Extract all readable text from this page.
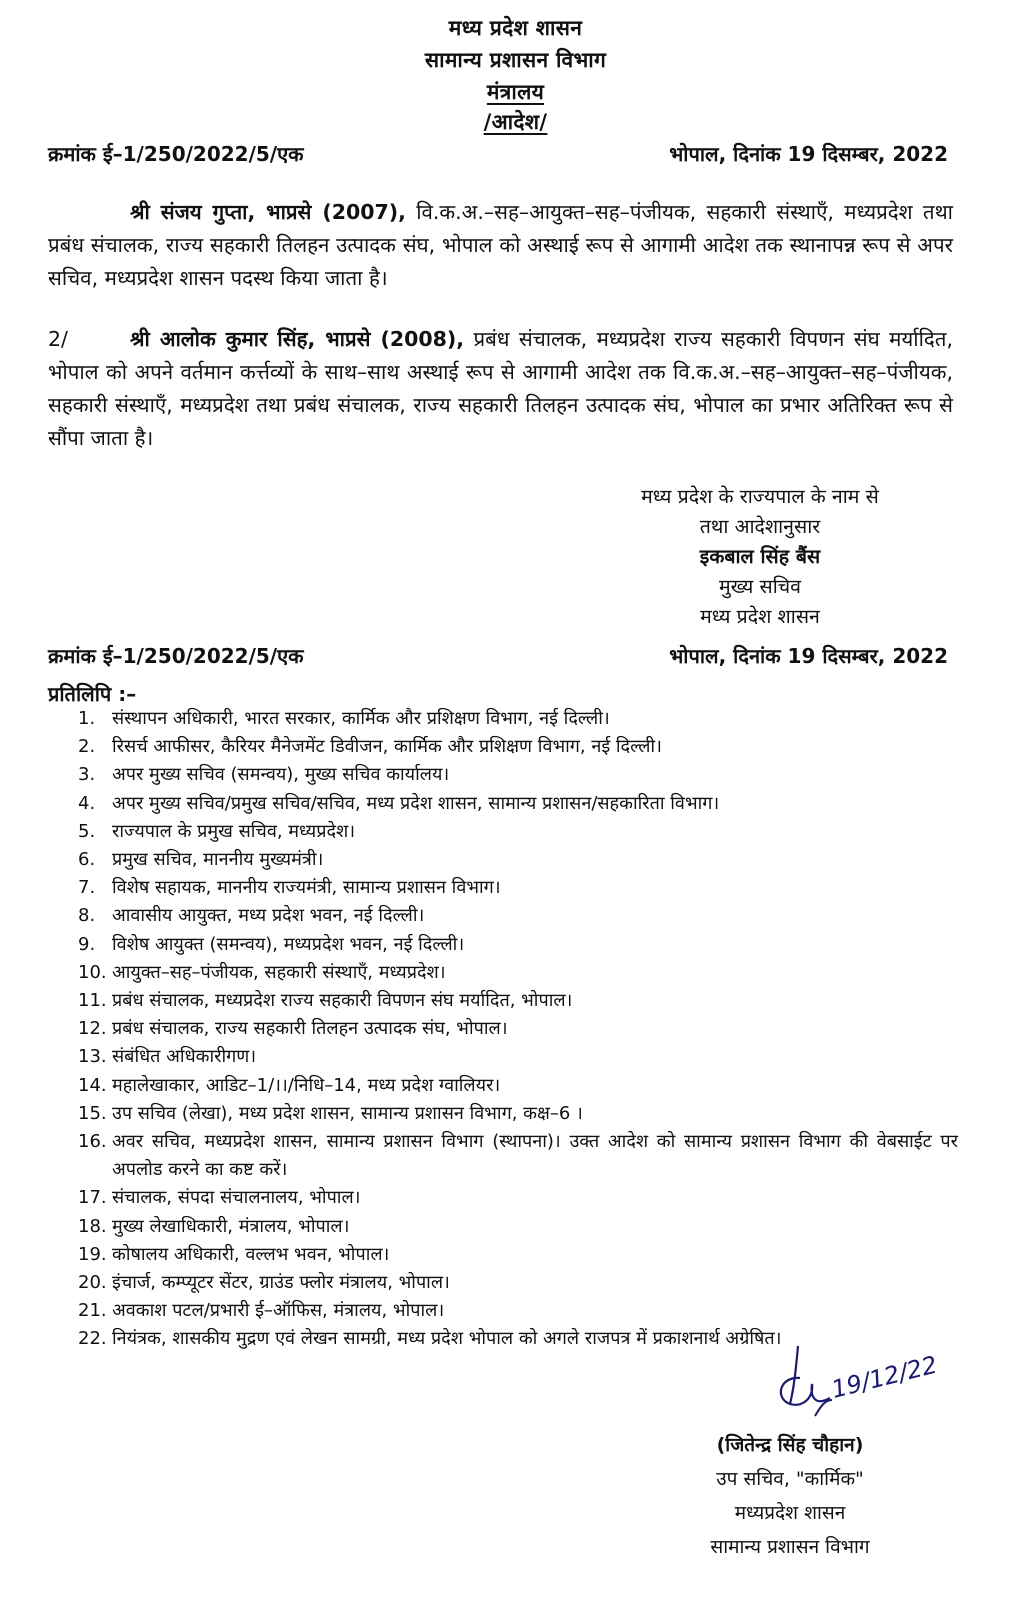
मध्य प्रदेश शासन
सामान्य प्रशासन विभाग
मंत्रालय
/आदेश/
क्रमांक ई–1/250/2022/5/एक	भोपाल, दिनांक 19 दिसम्बर, 2022
श्री संजय गुप्ता, भाप्रसे (2007), वि.क.अ.–सह–आयुक्त–सह–पंजीयक, सहकारी संस्थाएँ, मध्यप्रदेश तथा प्रबंध संचालक, राज्य सहकारी तिलहन उत्पादक संघ, भोपाल को अस्थाई रूप से आगामी आदेश तक स्थानापन्न रूप से अपर सचिव, मध्यप्रदेश शासन पदस्थ किया जाता है।
2/	श्री आलोक कुमार सिंह, भाप्रसे (2008), प्रबंध संचालक, मध्यप्रदेश राज्य सहकारी विपणन संघ मर्यादित, भोपाल को अपने वर्तमान कर्त्तव्यों के साथ–साथ अस्थाई रूप से आगामी आदेश तक वि.क.अ.–सह–आयुक्त–सह–पंजीयक, सहकारी संस्थाएँ, मध्यप्रदेश तथा प्रबंध संचालक, राज्य सहकारी तिलहन उत्पादक संघ, भोपाल का प्रभार अतिरिक्त रूप से सौंपा जाता है।
मध्य प्रदेश के राज्यपाल के नाम से
तथा आदेशानुसार
इकबाल सिंह बैंस
मुख्य सचिव
मध्य प्रदेश शासन
क्रमांक ई–1/250/2022/5/एक	भोपाल, दिनांक 19 दिसम्बर, 2022
प्रतिलिपि :–
1. संस्थापन अधिकारी, भारत सरकार, कार्मिक और प्रशिक्षण विभाग, नई दिल्ली।
2. रिसर्च आफीसर, कैरियर मैनेजमेंट डिवीजन, कार्मिक और प्रशिक्षण विभाग, नई दिल्ली।
3. अपर मुख्य सचिव (समन्वय), मुख्य सचिव कार्यालय।
4. अपर मुख्य सचिव/प्रमुख सचिव/सचिव, मध्य प्रदेश शासन, सामान्य प्रशासन/सहकारिता विभाग।
5. राज्यपाल के प्रमुख सचिव, मध्यप्रदेश।
6. प्रमुख सचिव, माननीय मुख्यमंत्री।
7. विशेष सहायक, माननीय राज्यमंत्री, सामान्य प्रशासन विभाग।
8. आवासीय आयुक्त, मध्य प्रदेश भवन, नई दिल्ली।
9. विशेष आयुक्त (समन्वय), मध्यप्रदेश भवन, नई दिल्ली।
10. आयुक्त–सह–पंजीयक, सहकारी संस्थाएँ, मध्यप्रदेश।
11. प्रबंध संचालक, मध्यप्रदेश राज्य सहकारी विपणन संघ मर्यादित, भोपाल।
12. प्रबंध संचालक, राज्य सहकारी तिलहन उत्पादक संघ, भोपाल।
13. संबंधित अधिकारीगण।
14. महालेखाकार, आडिट–1/।।/निधि–14, मध्य प्रदेश ग्वालियर।
15. उप सचिव (लेखा), मध्य प्रदेश शासन, सामान्य प्रशासन विभाग, कक्ष–6 ।
16. अवर सचिव, मध्यप्रदेश शासन, सामान्य प्रशासन विभाग (स्थापना)। उक्त आदेश को सामान्य प्रशासन विभाग की वेबसाईट पर अपलोड करने का कष्ट करें।
17. संचालक, संपदा संचालनालय, भोपाल।
18. मुख्य लेखाधिकारी, मंत्रालय, भोपाल।
19. कोषालय अधिकारी, वल्लभ भवन, भोपाल।
20. इंचार्ज, कम्प्यूटर सेंटर, ग्राउंड फ्लोर मंत्रालय, भोपाल।
21. अवकाश पटल/प्रभारी ई–ऑफिस, मंत्रालय, भोपाल।
22. नियंत्रक, शासकीय मुद्रण एवं लेखन सामग्री, मध्य प्रदेश भोपाल को अगले राजपत्र में प्रकाशनार्थ अग्रेषित।
19/12/22
(जितेन्द्र सिंह चौहान)
उप सचिव, "कार्मिक"
मध्यप्रदेश शासन
सामान्य प्रशासन विभाग
